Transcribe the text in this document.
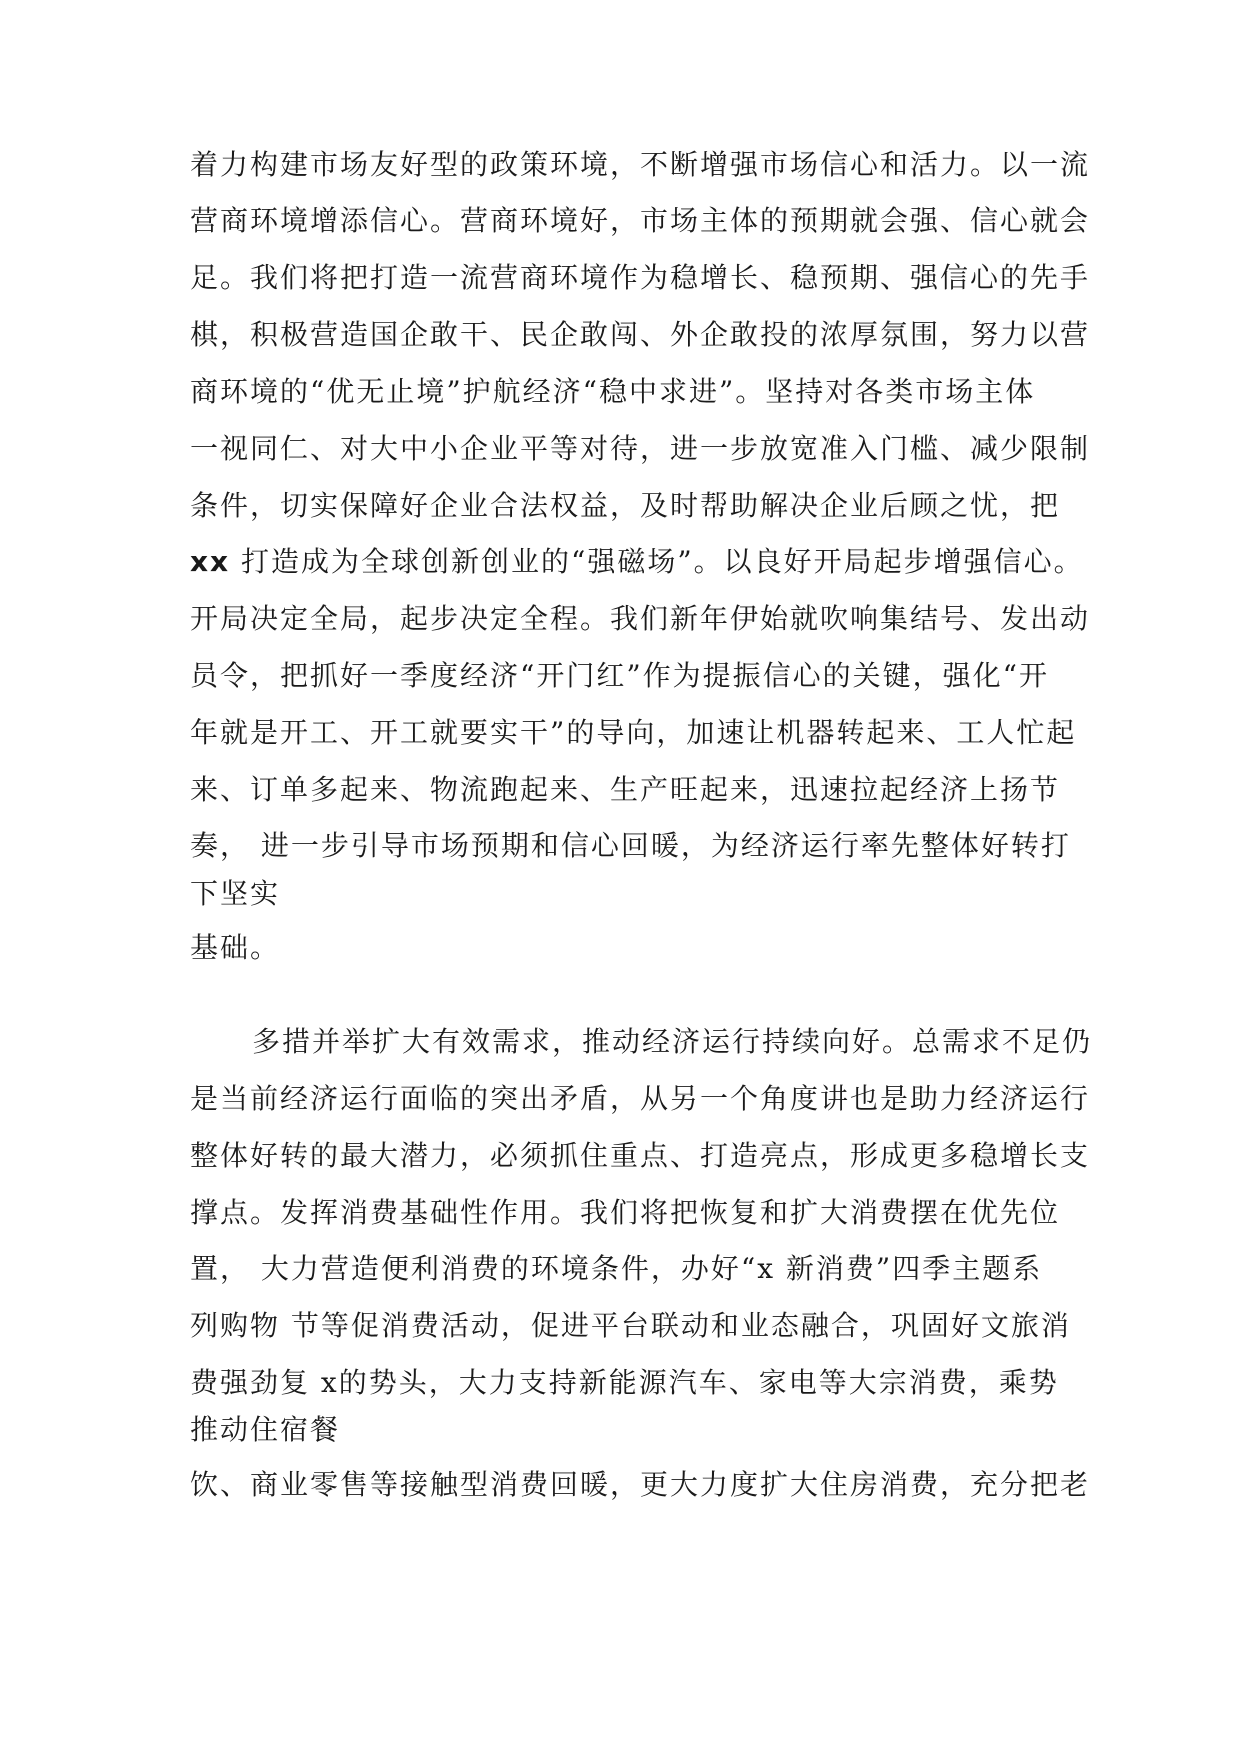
着力构建市场友好型的政策环境，不断增强市场信心和活力。以一流
营商环境增添信心。营商环境好，市场主体的预期就会强、信心就会
足。我们将把打造一流营商环境作为稳增长、稳预期、强信心的先手
棋，积极营造国企敢干、民企敢闯、外企敢投的浓厚氛围，努力以营
商环境的“优无止境”护航经济“稳中求进”。坚持对各类市场主体
一视同仁、对大中小企业平等对待，进一步放宽准入门槛、减少限制
条件，切实保障好企业合法权益，及时帮助解决企业后顾之忧，把
xx 打造成为全球创新创业的“强磁场”。以良好开局起步增强信心。
开局决定全局，起步决定全程。我们新年伊始就吹响集结号、发出动
员令，把抓好一季度经济“开门红”作为提振信心的关键，强化“开
年就是开工、开工就要实干”的导向，加速让机器转起来、工人忙起
来、订单多起来、物流跑起来、生产旺起来，迅速拉起经济上扬节
奏， 进一步引导市场预期和信心回暖，为经济运行率先整体好转打
下坚实
基础。
多措并举扩大有效需求，推动经济运行持续向好。总需求不足仍
是当前经济运行面临的突出矛盾，从另一个角度讲也是助力经济运行
整体好转的最大潜力，必须抓住重点、打造亮点，形成更多稳增长支
撑点。发挥消费基础性作用。我们将把恢复和扩大消费摆在优先位
置， 大力营造便利消费的环境条件，办好“x 新消费”四季主题系
列购物 节等促消费活动，促进平台联动和业态融合，巩固好文旅消
费强劲复 x的势头，大力支持新能源汽车、家电等大宗消费，乘势
推动住宿餐
饮、商业零售等接触型消费回暖，更大力度扩大住房消费，充分把老
